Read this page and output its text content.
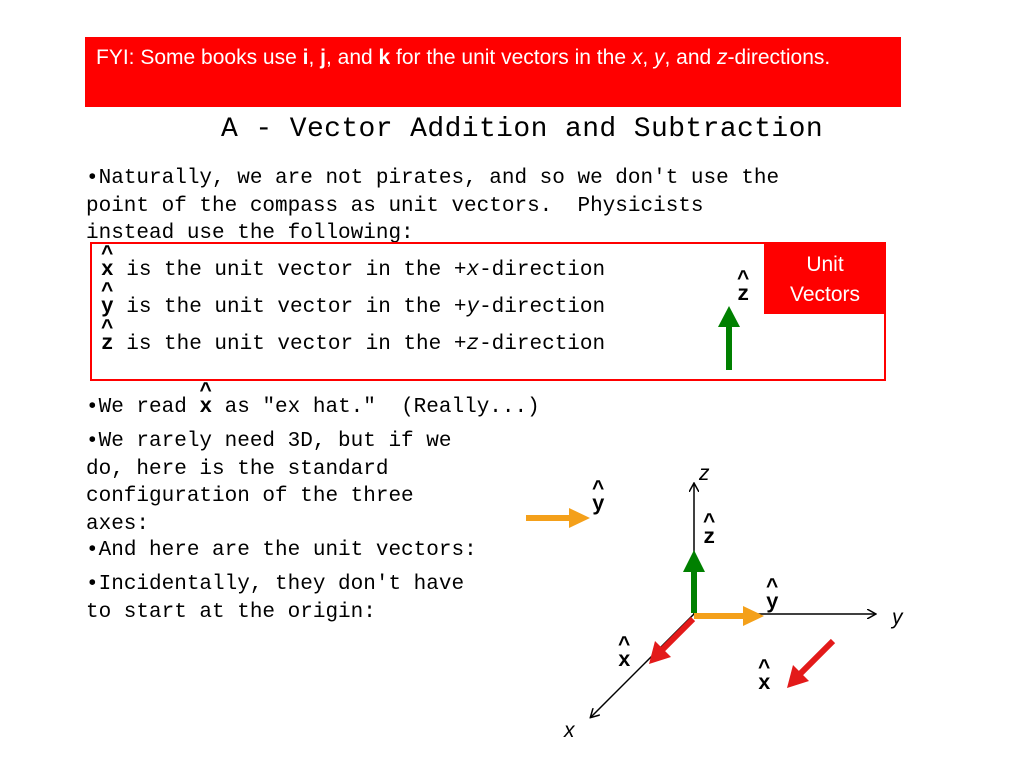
FYI: Some books use i, j, and k for the unit vectors in the x, y, and z-directions.
A - Vector Addition and Subtraction
•Naturally, we are not pirates, and so we don't use the
point of the compass as unit vectors.  Physicists
instead use the following:
^ x is the unit vector in the +x-direction
^ y is the unit vector in the +y-direction
^ z is the unit vector in the +z-direction
Unit
Vectors
^ z
•We read ^ x as "ex hat."  (Really...)
•We rarely need 3D, but if we
do, here is the standard
configuration of the three
axes:
•And here are the unit vectors:
•Incidentally, they don't have
to start at the origin:
z
y
x
^ z
^ y
^ x
^ y
^ x
